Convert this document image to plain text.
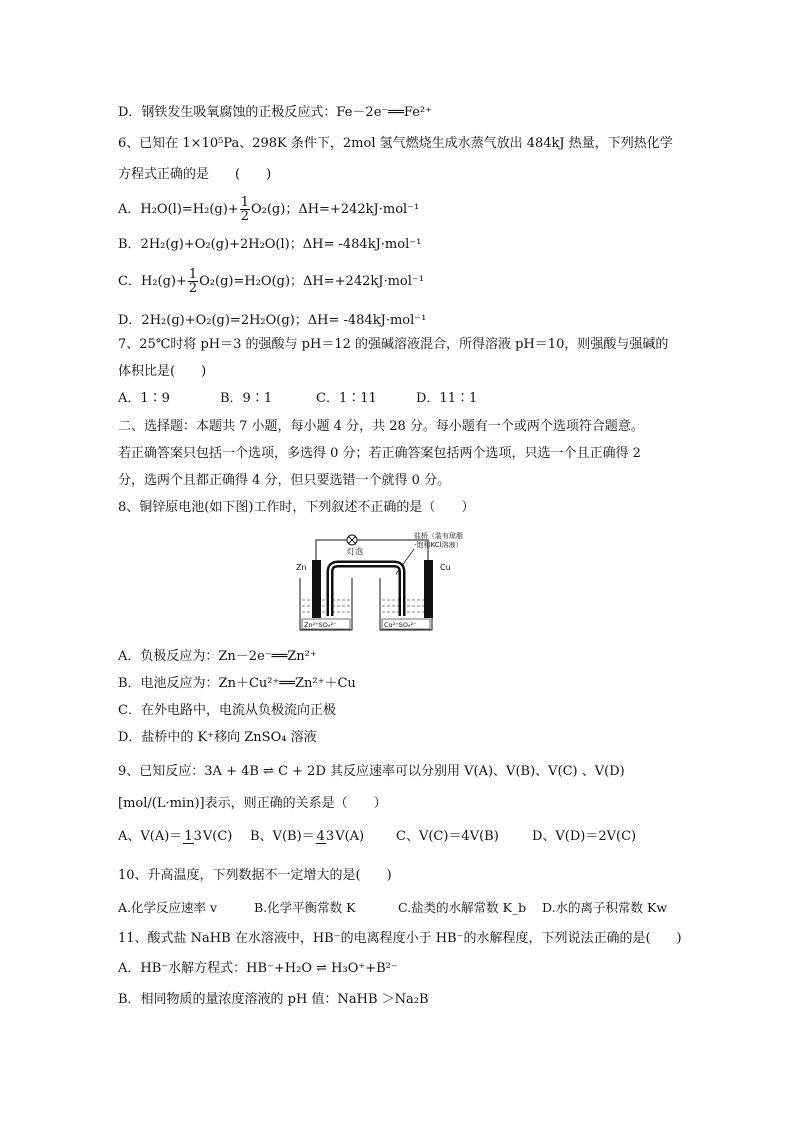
D．钢铁发生吸氧腐蚀的正极反应式：Fe－2e⁻══Fe²⁺
6、已知在 1×10⁵Pa、298K 条件下，2mol 氢气燃烧生成水蒸气放出 484kJ 热量，下列热化学
方程式正确的是　　(　　)
A．$H_2O(l)=H_2(g)+ \frac{1}{2} O_2(g)$；ΔH=+242kJ·mol⁻¹
B．2H₂(g)+O₂(g)+2H₂O(l)；ΔH= -484kJ·mol⁻¹
C．$H_2(g)+ \frac{1}{2} O_2(g)=H_2O(g)$；ΔH=+242kJ·mol⁻¹
D．2H₂(g)+O₂(g)=2H₂O(g)；ΔH= -484kJ·mol⁻¹
7、25℃时将 pH＝3 的强酸与 pH＝12 的强碱溶液混合，所得溶液 pH＝10，则强酸与强碱的
体积比是(　　)
A．1∶9	B．9∶1	C．1∶11	D．11∶1
二、选择题：本题共 7 小题，每小题 4 分，共 28 分。每小题有一个或两个选项符合题意。
若正确答案只包括一个选项，多选得 0 分；若正确答案包括两个选项，只选一个且正确得 2
分，选两个且都正确得 4 分，但只要选错一个就得 0 分。
8、铜锌原电池(如下图)工作时，下列叙述不正确的是（　　）
灯泡
盐桥（装有琼脂
-饱和KCl溶液）
Zn	Cu
Zn²⁺SO₄²⁻	Cu²⁺SO₄²⁻
A．负极反应为：Zn－2e⁻══Zn²⁺
B．电池反应为：Zn＋Cu²⁺══Zn²⁺＋Cu
C．在外电路中，电流从负极流向正极
D．盐桥中的 K⁺移向 ZnSO₄ 溶液
9、已知反应：3A + 4B ⇌ C + 2D 其反应速率可以分别用 V(A)、V(B)、V(C) 、V(D)
[mol/(L·min)]表示，则正确的关系是（　　）
A、V(A)＝ 13V(C) B、V(B)＝ 43V(A) C、V(C)＝4V(B)	D、V(D)＝2V(C)
10、升高温度，下列数据不一定增大的是(　　)
A.化学反应速率 v	B.化学平衡常数 K	C.盐类的水解常数 K_b D.水的离子积常数 Kw
11、酸式盐 NaHB 在水溶液中，HB⁻的电离程度小于 HB⁻的水解程度，下列说法正确的是(　　)
A．HB⁻水解方程式：HB⁻+H₂O ⇌ H₃O⁺+B²⁻
B．相同物质的量浓度溶液的 pH 值：NaHB ＞Na₂B
